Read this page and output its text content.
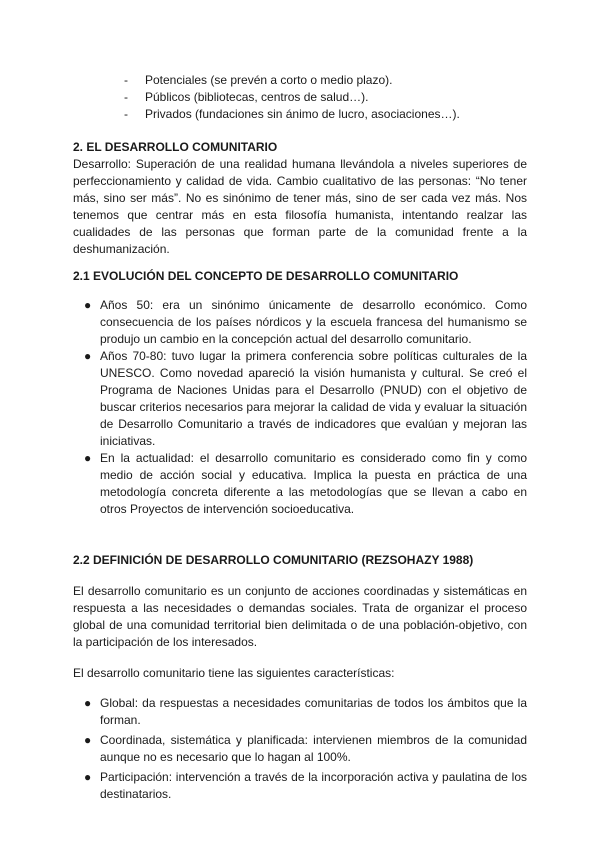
- Potenciales (se prevén a corto o medio plazo).
- Públicos (bibliotecas, centros de salud…).
- Privados (fundaciones sin ánimo de lucro, asociaciones…).
2. EL DESARROLLO COMUNITARIO

Desarrollo: Superación de una realidad humana llevándola a niveles superiores de perfeccionamiento y calidad de vida. Cambio cualitativo de las personas: “No tener más, sino ser más”. No es sinónimo de tener más, sino de ser cada vez más. Nos tenemos que centrar más en esta filosofía humanista, intentando realzar las cualidades de las personas que forman parte de la comunidad frente a la deshumanización.

2.1 EVOLUCIÓN DEL CONCEPTO DE DESARROLLO COMUNITARIO
● Años 50: era un sinónimo únicamente de desarrollo económico. Como consecuencia de los países nórdicos y la escuela francesa del humanismo se produjo un cambio en la concepción actual del desarrollo comunitario.
● Años 70-80: tuvo lugar la primera conferencia sobre políticas culturales de la UNESCO. Como novedad apareció la visión humanista y cultural. Se creó el Programa de Naciones Unidas para el Desarrollo (PNUD) con el objetivo de buscar criterios necesarios para mejorar la calidad de vida y evaluar la situación de Desarrollo Comunitario a través de indicadores que evalúan y mejoran las iniciativas.
● En la actualidad: el desarrollo comunitario es considerado como fin y como medio de acción social y educativa. Implica la puesta en práctica de una metodología concreta diferente a las metodologías que se llevan a cabo en otros Proyectos de intervención socioeducativa.
2.2 DEFINICIÓN DE DESARROLLO COMUNITARIO (REZSOHAZY 1988)

El desarrollo comunitario es un conjunto de acciones coordinadas y sistemáticas en respuesta a las necesidades o demandas sociales. Trata de organizar el proceso global de una comunidad territorial bien delimitada o de una población-objetivo, con la participación de los interesados.

El desarrollo comunitario tiene las siguientes características:

● Global: da respuestas a necesidades comunitarias de todos los ámbitos que la forman.
● Coordinada, sistemática y planificada: intervienen miembros de la comunidad aunque no es necesario que lo hagan al 100%.
● Participación: intervención a través de la incorporación activa y paulatina de los destinatarios.
